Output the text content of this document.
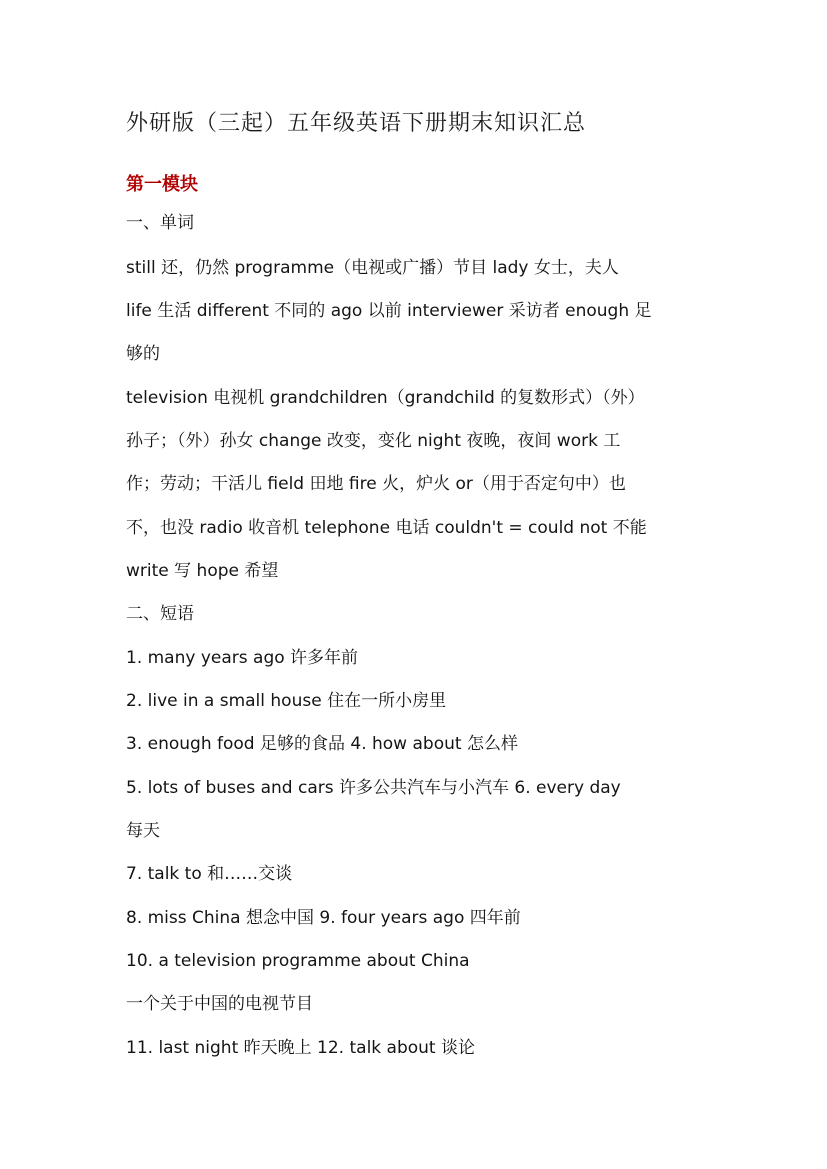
外研版（三起）五年级英语下册期末知识汇总
第一模块
一、单词
still 还，仍然 programme（电视或广播）节目 lady 女士，夫人
life 生活 different 不同的 ago 以前 interviewer 采访者 enough 足
够的
television 电视机 grandchildren（grandchild 的复数形式）（外）
孙子；（外）孙女 change 改变，变化 night 夜晚，夜间 work 工
作；劳动；干活儿 field 田地 fire 火，炉火 or（用于否定句中）也
不，也没 radio 收音机 telephone 电话 couldn't = could not 不能
write 写 hope 希望
二、短语
1. many years ago 许多年前
2. live in a small house 住在一所小房里
3. enough food 足够的食品 4. how about 怎么样
5. lots of buses and cars 许多公共汽车与小汽车 6. every day
每天
7. talk to 和……交谈
8. miss China 想念中国 9. four years ago 四年前
10. a television programme about China
一个关于中国的电视节目
11. last night 昨天晚上 12. talk about 谈论
